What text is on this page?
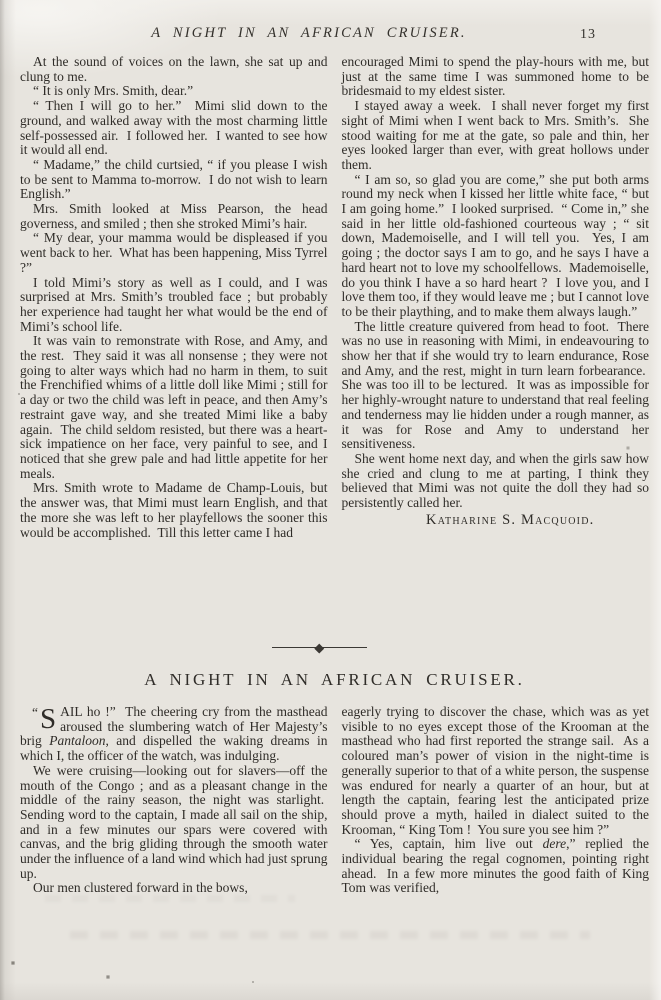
A NIGHT IN AN AFRICAN CRUISER.	13

At the sound of voices on the lawn, she sat up and clung to me.

“ It is only Mrs. Smith, dear.”

“ Then I will go to her.”  Mimi slid down to the ground, and walked away with the most charming little self-possessed air.  I followed her.  I wanted to see how it would all end.

“ Madame,” the child curtsied, “ if you please I wish to be sent to Mamma to-morrow.  I do not wish to learn English.”

Mrs. Smith looked at Miss Pearson, the head governess, and smiled ; then she stroked Mimi’s hair.

“ My dear, your mamma would be displeased if you went back to her.  What has been happening, Miss Tyrrel ?”

I told Mimi’s story as well as I could, and I was surprised at Mrs. Smith’s troubled face ; but probably her experience had taught her what would be the end of Mimi’s school life.

It was vain to remonstrate with Rose, and Amy, and the rest.  They said it was all nonsense ; they were not going to alter ways which had no harm in them, to suit the Frenchified whims of a little doll like Mimi ; still for a day or two the child was left in peace, and then Amy’s restraint gave way, and she treated Mimi like a baby again.  The child seldom resisted, but there was a heart-sick impatience on her face, very painful to see, and I noticed that she grew pale and had little appetite for her meals.

Mrs. Smith wrote to Madame de Champ-Louis, but the answer was, that Mimi must learn English, and that the more she was left to her playfellows the sooner this would be accomplished.  Till this letter came I had

encouraged Mimi to spend the play-hours with me, but just at the same time I was summoned home to be bridesmaid to my eldest sister.

I stayed away a week.  I shall never forget my first sight of Mimi when I went back to Mrs. Smith’s.  She stood waiting for me at the gate, so pale and thin, her eyes looked larger than ever, with great hollows under them.

“ I am so, so glad you are come,” she put both arms round my neck when I kissed her little white face, “ but I am going home.”  I looked surprised.  “ Come in,” she said in her little old-fashioned courteous way ; “ sit down, Mademoiselle, and I will tell you.  Yes, I am going ; the doctor says I am to go, and he says I have a hard heart not to love my schoolfellows.  Mademoiselle, do you think I have a so hard heart ?  I love you, and I love them too, if they would leave me ; but I cannot love to be their plaything, and to make them always laugh.”

The little creature quivered from head to foot.  There was no use in reasoning with Mimi, in endeavouring to show her that if she would try to learn endurance, Rose and Amy, and the rest, might in turn learn forbearance.  She was too ill to be lectured.  It was as impossible for her highly-wrought nature to understand that real feeling and tenderness may lie hidden under a rough manner, as it was for Rose and Amy to understand her sensitiveness.

She went home next day, and when the girls saw how she cried and clung to me at parting, I think they believed that Mimi was not quite the doll they had so persistently called her.

Katharine S. Macquoid.
A NIGHT IN AN AFRICAN CRUISER.

“ S AIL ho !”  The cheering cry from the masthead aroused the slumbering watch of Her Majesty’s brig Pantaloon, and dispelled the waking dreams in which I, the officer of the watch, was indulging.

We were cruising—looking out for slavers—off the mouth of the Congo ; and as a pleasant change in the middle of the rainy season, the night was starlight.  Sending word to the captain, I made all sail on the ship, and in a few minutes our spars were covered with canvas, and the brig gliding through the smooth water under the influence of a land wind which had just sprung up.

Our men clustered forward in the bows,

eagerly trying to discover the chase, which was as yet visible to no eyes except those of the Krooman at the masthead who had first reported the strange sail.  As a coloured man’s power of vision in the night-time is generally superior to that of a white person, the suspense was endured for nearly a quarter of an hour, but at length the captain, fearing lest the anticipated prize should prove a myth, hailed in dialect suited to the Krooman, “ King Tom !  You sure you see him ?”

“ Yes, captain, him live out dere,” replied the individual bearing the regal cognomen, pointing right ahead.  In a few more minutes the good faith of King Tom was verified,
